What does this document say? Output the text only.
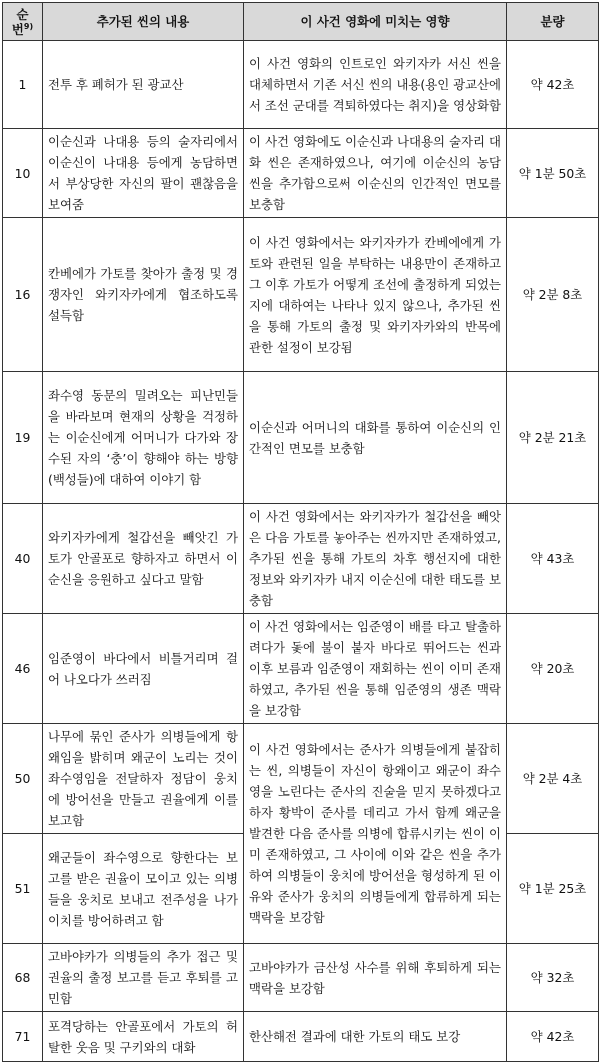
순
번$^{9)}$	추가된 씬의 내용	이 사건 영화에 미치는 영향	분량
1	전투 후 폐허가 된 광교산	이 사건 영화의 인트로인 와키자카 서신 씬을 대체하면서 기존 서신 씬의 내용(용인 광교산에서 조선 군대를 격퇴하였다는 취지)을 영상화함	약 42초
10	이순신과 나대용 등의 술자리에서 이순신이 나대용 등에게 농담하면서 부상당한 자신의 팔이 괜찮음을 보여줌	이 사건 영화에도 이순신과 나대용의 술자리 대화 씬은 존재하였으나, 여기에 이순신의 농담 씬을 추가함으로써 이순신의 인간적인 면모를 보충함	약 1분 50초
16	칸베에가 가토를 찾아가 출정 및 경쟁자인 와키자카에게 협조하도록 설득함	이 사건 영화에서는 와키자카가 칸베에에게 가토와 관련된 일을 부탁하는 내용만이 존재하고 그 이후 가토가 어떻게 조선에 출정하게 되었는지에 대하여는 나타나 있지 않으나, 추가된 씬을 통해 가토의 출정 및 와키자카와의 반목에 관한 설정이 보강됨	약 2분 8초
19	좌수영 동문의 밀려오는 피난민들을 바라보며 현재의 상황을 걱정하는 이순신에게 어머니가 다가와 장수된 자의 ‘충’이 향해야 하는 방향(백성들)에 대하여 이야기 함	이순신과 어머니의 대화를 통하여 이순신의 인간적인 면모를 보충함	약 2분 21초
40	와키자카에게 철갑선을 빼앗긴 가토가 안골포로 향하자고 하면서 이순신을 응원하고 싶다고 말함	이 사건 영화에서는 와키자카가 철갑선을 빼앗은 다음 가토를 놓아주는 씬까지만 존재하였고, 추가된 씬을 통해 가토의 차후 행선지에 대한 정보와 와키자카 내지 이순신에 대한 태도를 보충함	약 43초
46	임준영이 바다에서 비틀거리며 걸어 나오다가 쓰러짐	이 사건 영화에서는 임준영이 배를 타고 탈출하려다가 돛에 불이 붙자 바다로 뛰어드는 씬과 이후 보름과 임준영이 재회하는 씬이 이미 존재하였고, 추가된 씬을 통해 임준영의 생존 맥락을 보강함	약 20초
50	나무에 묶인 준사가 의병들에게 항왜임을 밝히며 왜군이 노리는 것이 좌수영임을 전달하자 정담이 웅치에 방어선을 만들고 권율에게 이를 보고함	이 사건 영화에서는 준사가 의병들에게 붙잡히는 씬, 의병들이 자신이 항왜이고 왜군이 좌수영을 노린다는 준사의 진술을 믿지 못하겠다고 하자 황박이 준사를 데리고 가서 함께 왜군을 발견한 다음 준사를 의병에 합류시키는 씬이 이미 존재하였고, 그 사이에 이와 같은 씬을 추가하여 의병들이 웅치에 방어선을 형성하게 된 이유와 준사가 웅치의 의병들에게 합류하게 되는 맥락을 보강함	약 2분 4초
51	왜군들이 좌수영으로 향한다는 보고를 받은 권율이 모이고 있는 의병들을 웅치로 보내고 전주성을 나가 이치를 방어하려고 함		약 1분 25초
68	고바야카가 의병들의 추가 접근 및 권율의 출정 보고를 듣고 후퇴를 고민함	고바야카가 금산성 사수를 위해 후퇴하게 되는 맥락을 보강함	약 32초
71	포격당하는 안골포에서 가토의 허탈한 웃음 및 구키와의 대화	한산해전 결과에 대한 가토의 태도 보강	약 42초
